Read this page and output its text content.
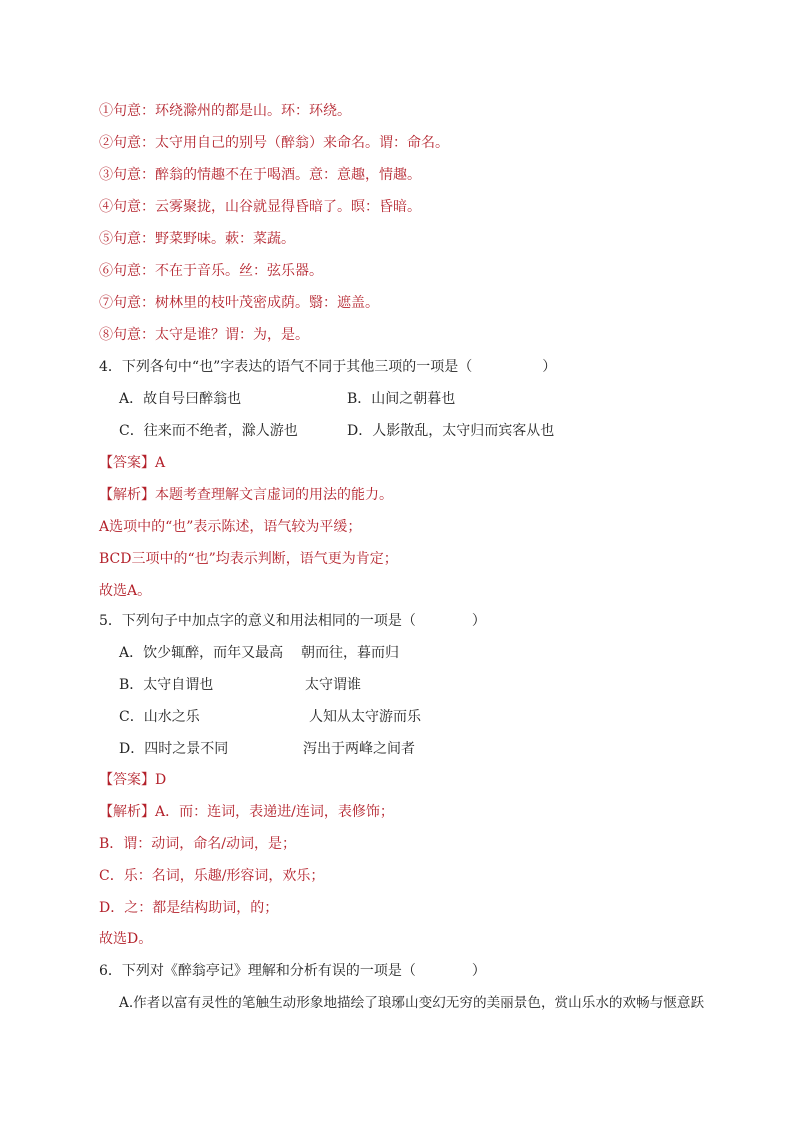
①句意：环绕滁州的都是山。环：环绕。
②句意：太守用自己的别号（醉翁）来命名。谓：命名。
③句意：醉翁的情趣不在于喝酒。意：意趣，情趣。
④句意：云雾聚拢，山谷就显得昏暗了。暝：昏暗。
⑤句意：野菜野味。蔌：菜蔬。
⑥句意：不在于音乐。丝：弦乐器。
⑦句意：树林里的枝叶茂密成荫。翳：遮盖。
⑧句意：太守是谁？谓：为，是。
4．下列各句中“也”字表达的语气不同于其他三项的一项是（　　　　　）
A．故自号曰醉翁也	B．山间之朝暮也
C．往来而不绝者，滁人游也	D．人影散乱，太守归而宾客从也
【答案】A
【解析】本题考查理解文言虚词的用法的能力。
A选项中的“也”表示陈述，语气较为平缓；
BCD三项中的“也”均表示判断，语气更为肯定；
故选A。
5．下列句子中加点字的意义和用法相同的一项是（　　　　）
A．饮少辄醉，而年又最高 朝而往，暮而归
B．太守自谓也	太守谓谁
C．山水之乐	人知从太守游而乐
D．四时之景不同	泻出于两峰之间者
【答案】D
【解析】A．而：连词，表递进/连词，表修饰；
B．谓：动词，命名/动词，是；
C．乐：名词，乐趣/形容词，欢乐；
D．之：都是结构助词，的；
故选D。
6．下列对《醉翁亭记》理解和分析有误的一项是（　　　　）
A.作者以富有灵性的笔触生动形象地描绘了琅琊山变幻无穷的美丽景色，赏山乐水的欢畅与惬意跃
